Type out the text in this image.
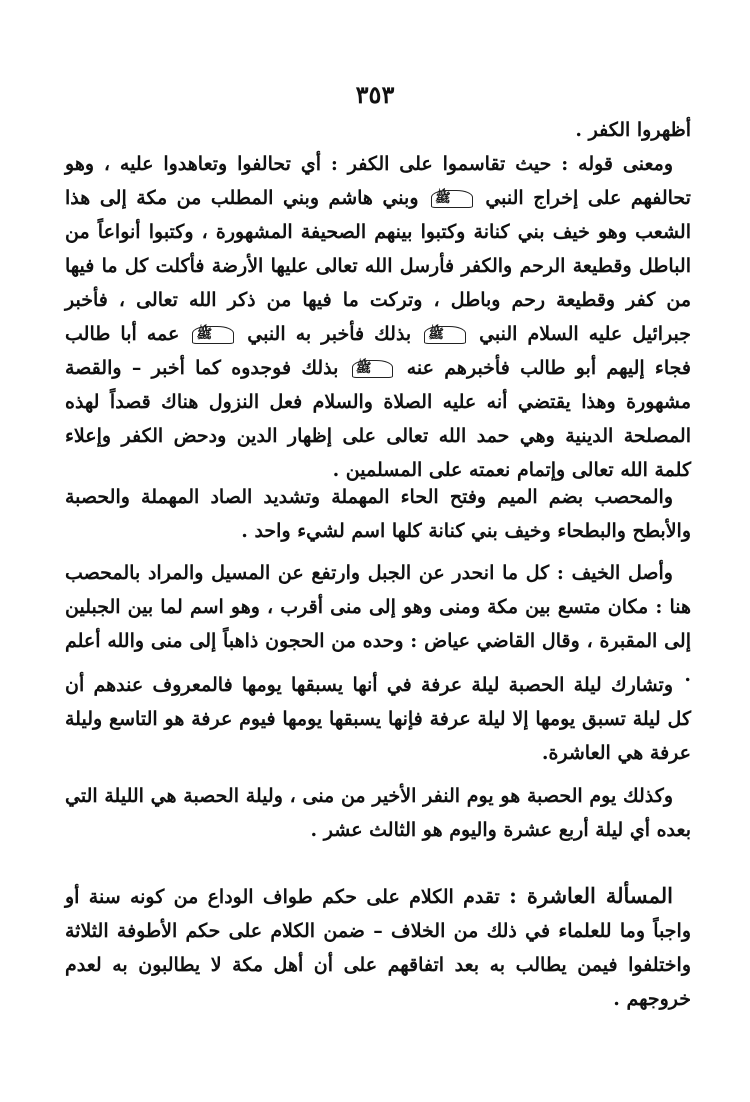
٣٥٣

أظهروا الكفر .

ومعنى قوله : حيث تقاسموا على الكفر : أي تحالفوا وتعاهدوا عليه ، وهو تحالفهم على إخراج النبي ﷺ وبني هاشم وبني المطلب من مكة إلى هذا الشعب وهو خيف بني كنانة وكتبوا بينهم الصحيفة المشهورة ، وكتبوا أنواعاً من الباطل وقطيعة الرحم والكفر فأرسل الله تعالى عليها الأرضة فأكلت كل ما فيها من كفر وقطيعة رحم وباطل ، وتركت ما فيها من ذكر الله تعالى ، فأخبر جبرائيل عليه السلام النبي ﷺ بذلك فأخبر به النبي ﷺ عمه أبا طالب فجاء إليهم أبو طالب فأخبرهم عنه ﷺ بذلك فوجدوه كما أخبر – والقصة مشهورة وهذا يقتضي أنه عليه الصلاة والسلام فعل النزول هناك قصداً لهذه المصلحة الدينية وهي حمد الله تعالى على إظهار الدين ودحض الكفر وإعلاء كلمة الله تعالى وإتمام نعمته على المسلمين .

والمحصب بضم الميم وفتح الحاء المهملة وتشديد الصاد المهملة والحصبة والأبطح والبطحاء وخيف بني كنانة كلها اسم لشيء واحد .

وأصل الخيف : كل ما انحدر عن الجبل وارتفع عن المسيل والمراد بالمحصب هنا : مكان متسع بين مكة ومنى وهو إلى منى أقرب ، وهو اسم لما بين الجبلين إلى المقبرة ، وقال القاضي عياض : وحده من الحجون ذاهباً إلى منى والله أعلم .

وتشارك ليلة الحصبة ليلة عرفة في أنها يسبقها يومها فالمعروف عندهم أن كل ليلة تسبق يومها إلا ليلة عرفة فإنها يسبقها يومها فيوم عرفة هو التاسع وليلة عرفة هي العاشرة.

وكذلك يوم الحصبة هو يوم النفر الأخير من منى ، وليلة الحصبة هي الليلة التي بعده أي ليلة أربع عشرة واليوم هو الثالث عشر .

المسألة العاشرة : تقدم الكلام على حكم طواف الوداع من كونه سنة أو واجباً وما للعلماء في ذلك من الخلاف – ضمن الكلام على حكم الأطوفة الثلاثة واختلفوا فيمن يطالب به بعد اتفاقهم على أن أهل مكة لا يطالبون به لعدم خروجهم .
